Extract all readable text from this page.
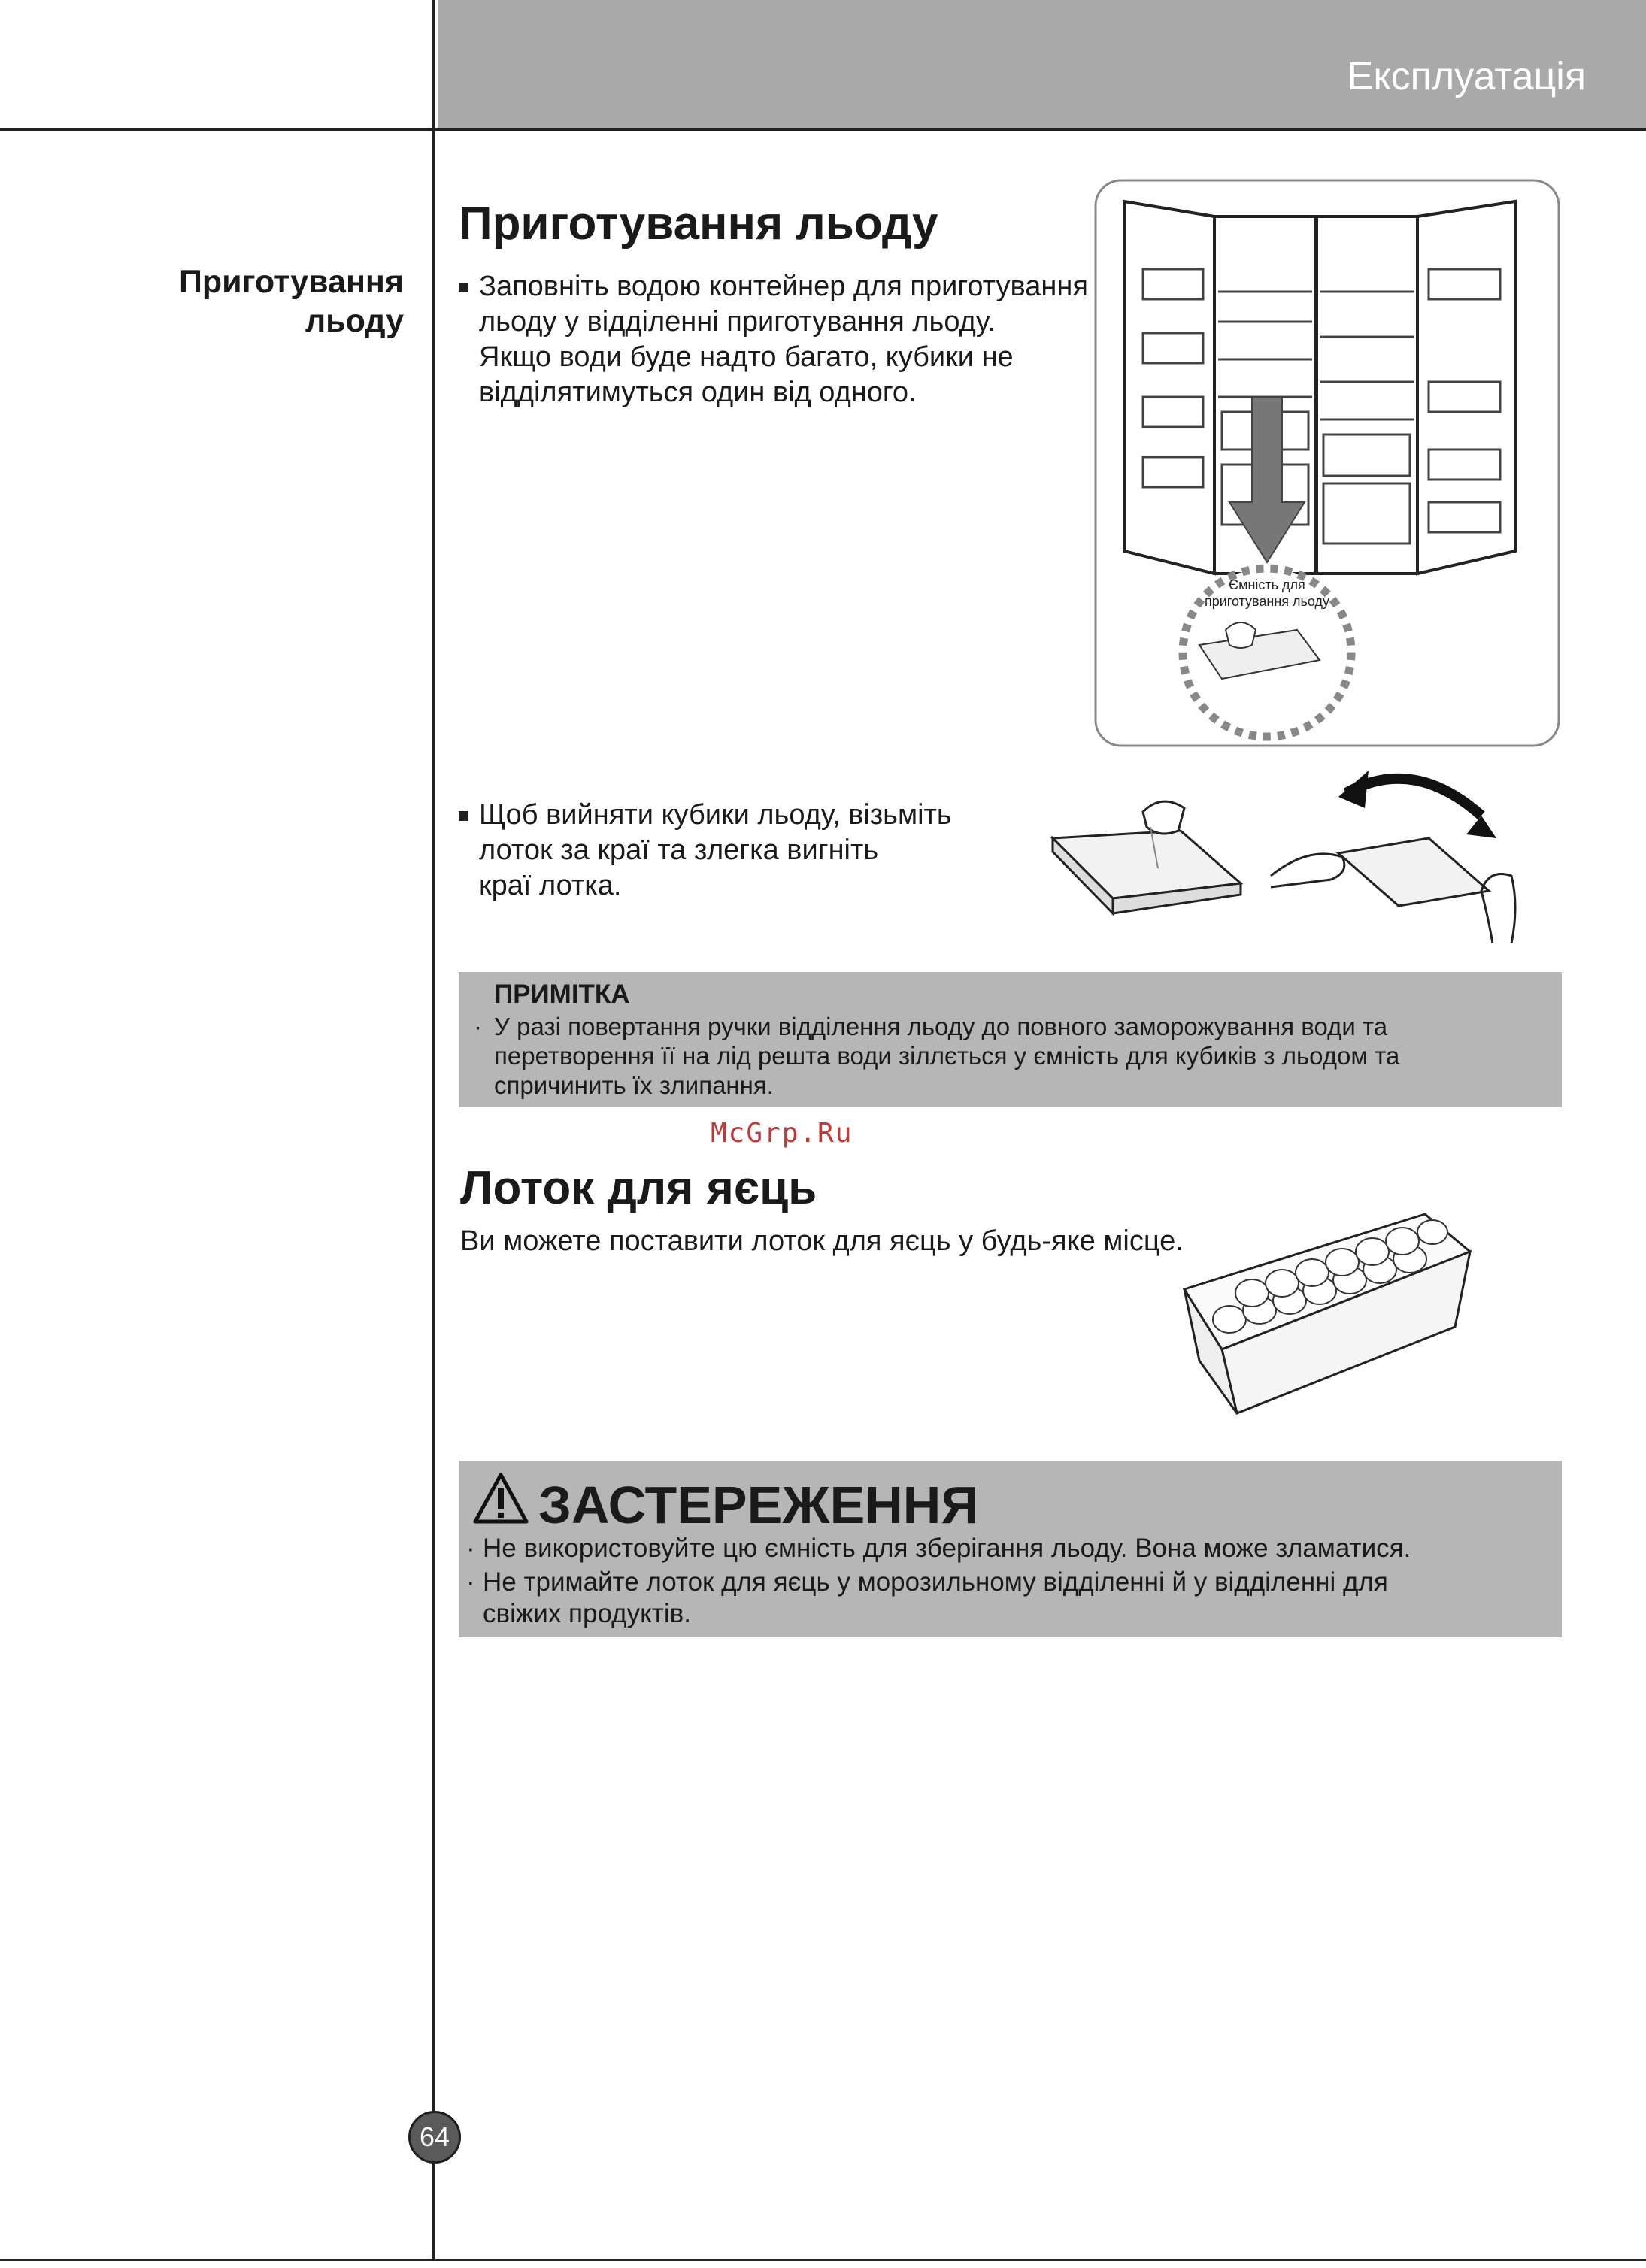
Експлуатація
Приготування
льоду
Приготування льоду
Заповніть водою контейнер для приготування
льоду у відділенні приготування льоду.
Якщо води буде надто багато, кубики не
відділятимуться один від одного.
Ємність для
приготування льоду
Щоб вийняти кубики льоду, візьміть
лоток за краї та злегка вигніть
краї лотка.
ПРИМІТКА
· У разі повертання ручки відділення льоду до повного заморожування води та
перетворення її на лід решта води зіллється у ємність для кубиків з льодом та
спричинить їх злипання.
McGrp.Ru
Лоток для яєць
Ви можете поставити лоток для яєць у будь-яке місце.
ЗАСТЕРЕЖЕННЯ
· Не використовуйте цю ємність для зберігання льоду. Вона може зламатися.
· Не тримайте лоток для яєць у морозильному відділенні й у відділенні для
свіжих продуктів.
64
